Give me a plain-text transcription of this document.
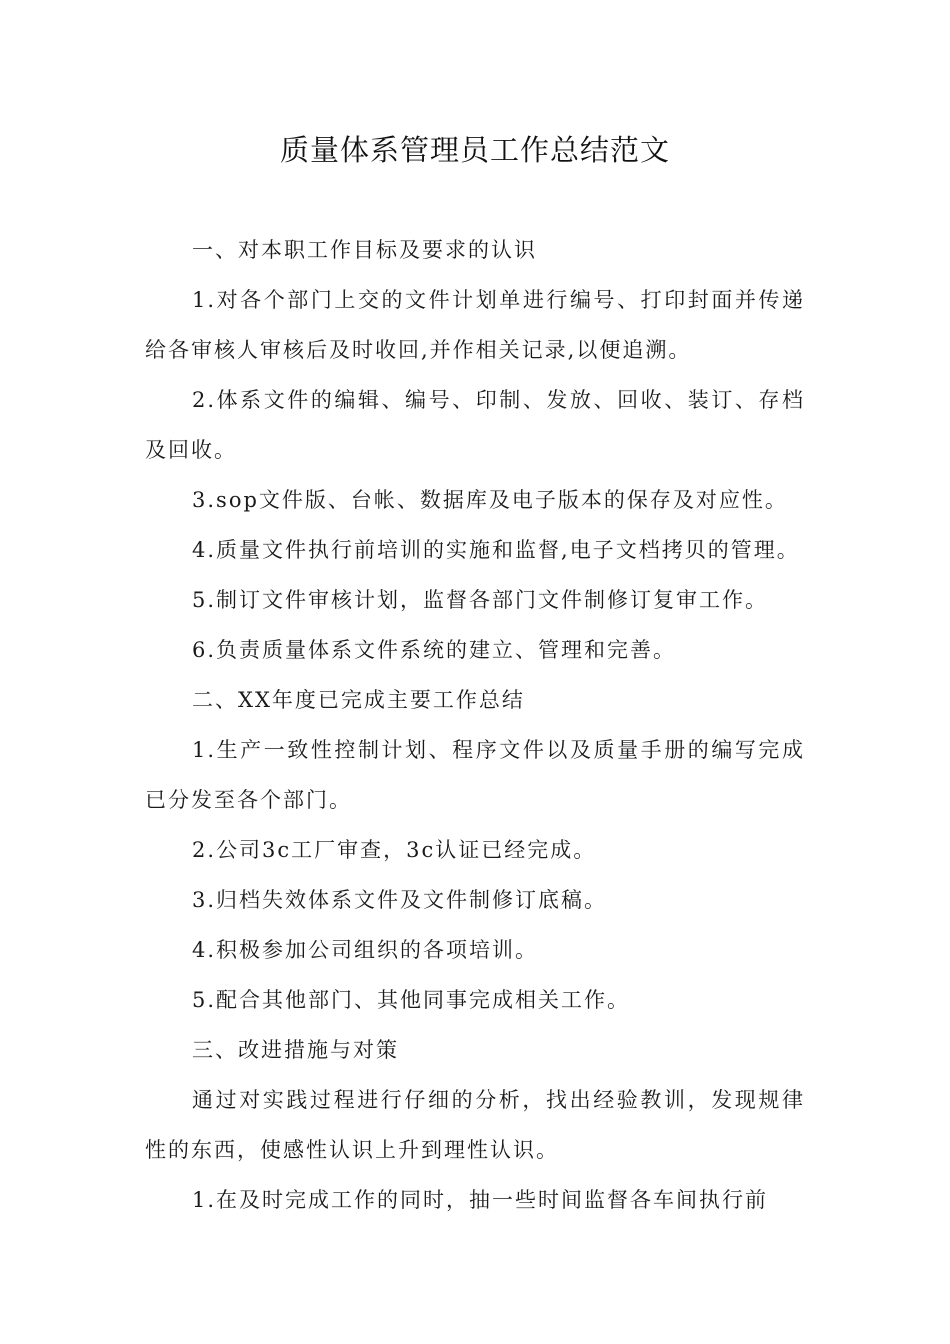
质量体系管理员工作总结范文

一、对本职工作目标及要求的认识

1.对各个部门上交的文件计划单进行编号、打印封面并传递给各审核人审核后及时收回,并作相关记录,以便追溯。

2.体系文件的编辑、编号、印制、发放、回收、装订、存档及回收。

3.sop文件版、台帐、数据库及电子版本的保存及对应性。

4.质量文件执行前培训的实施和监督,电子文档拷贝的管理。

5.制订文件审核计划，监督各部门文件制修订复审工作。

6.负责质量体系文件系统的建立、管理和完善。

二、XX年度已完成主要工作总结

1.生产一致性控制计划、程序文件以及质量手册的编写完成已分发至各个部门。

2.公司3c工厂审查，3c认证已经完成。

3.归档失效体系文件及文件制修订底稿。

4.积极参加公司组织的各项培训。

5.配合其他部门、其他同事完成相关工作。

三、改进措施与对策

通过对实践过程进行仔细的分析，找出经验教训，发现规律性的东西，使感性认识上升到理性认识。

1.在及时完成工作的同时，抽一些时间监督各车间执行前
